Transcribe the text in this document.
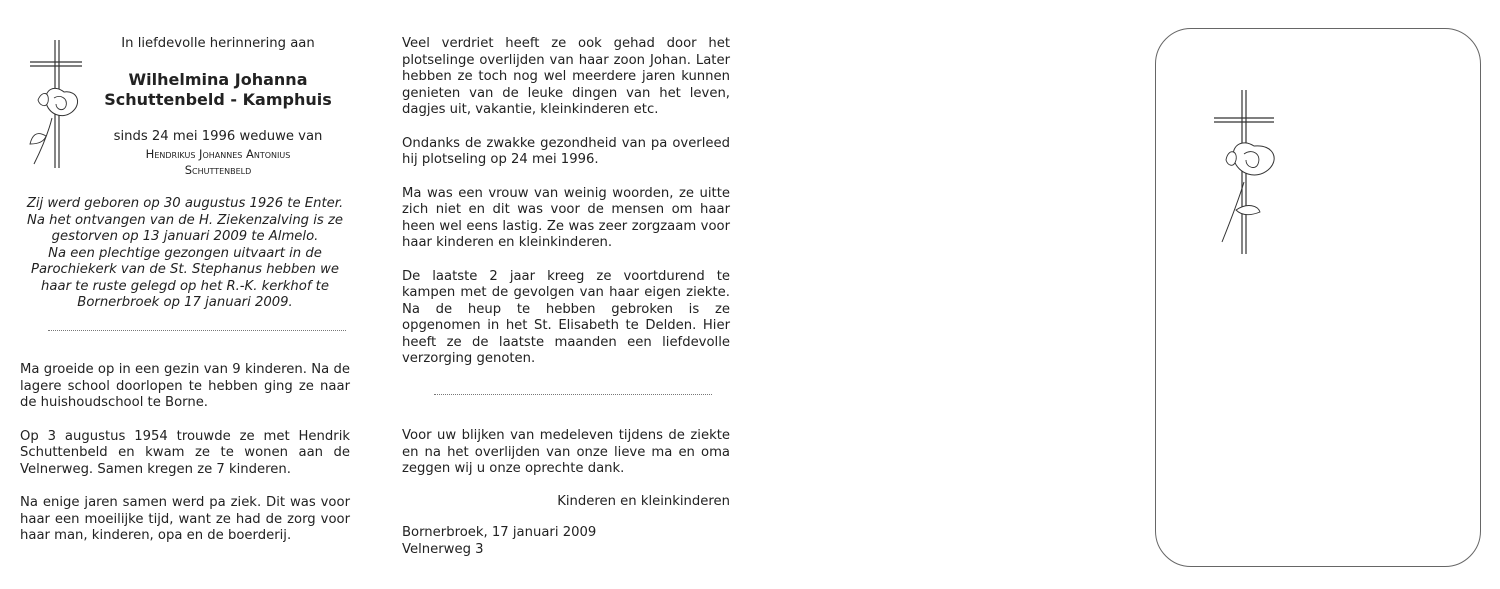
In liefdevolle herinnering aan
Wilhelmina Johanna
Schuttenbeld - Kamphuis
sinds 24 mei 1996 weduwe van
Hendrikus Johannes Antonius
Schuttenbeld
Zij werd geboren op 30 augustus 1926 te Enter.
Na het ontvangen van de H. Ziekenzalving is ze
gestorven op 13 januari 2009 te Almelo.
Na een plechtige gezongen uitvaart in de
Parochiekerk van de St. Stephanus hebben we
haar te ruste gelegd op het R.-K. kerkhof te
Bornerbroek op 17 januari 2009.

Ma groeide op in een gezin van 9 kinderen. Na de lagere school doorlopen te hebben ging ze naar de huishoudschool te Borne.

Op 3 augustus 1954 trouwde ze met Hendrik Schuttenbeld en kwam ze te wonen aan de Velnerweg. Samen kregen ze 7 kinderen.

Na enige jaren samen werd pa ziek. Dit was voor haar een moeilijke tijd, want ze had de zorg voor haar man, kinderen, opa en de boerderij.

Veel verdriet heeft ze ook gehad door het plotselinge overlijden van haar zoon Johan. Later hebben ze toch nog wel meerdere jaren kunnen genieten van de leuke dingen van het leven, dagjes uit, vakantie, kleinkinderen etc.

Ondanks de zwakke gezondheid van pa overleed hij plotseling op 24 mei 1996.

Ma was een vrouw van weinig woorden, ze uitte zich niet en dit was voor de mensen om haar heen wel eens lastig. Ze was zeer zorgzaam voor haar kinderen en kleinkinderen.

De laatste 2 jaar kreeg ze voortdurend te kampen met de gevolgen van haar eigen ziekte. Na de heup te hebben gebroken is ze opgenomen in het St. Elisabeth te Delden. Hier heeft ze de laatste maanden een liefdevolle verzorging genoten.

Voor uw blijken van medeleven tijdens de ziekte en na het overlijden van onze lieve ma en oma zeggen wij u onze oprechte dank.

Kinderen en kleinkinderen

Bornerbroek, 17 januari 2009
Velnerweg 3
